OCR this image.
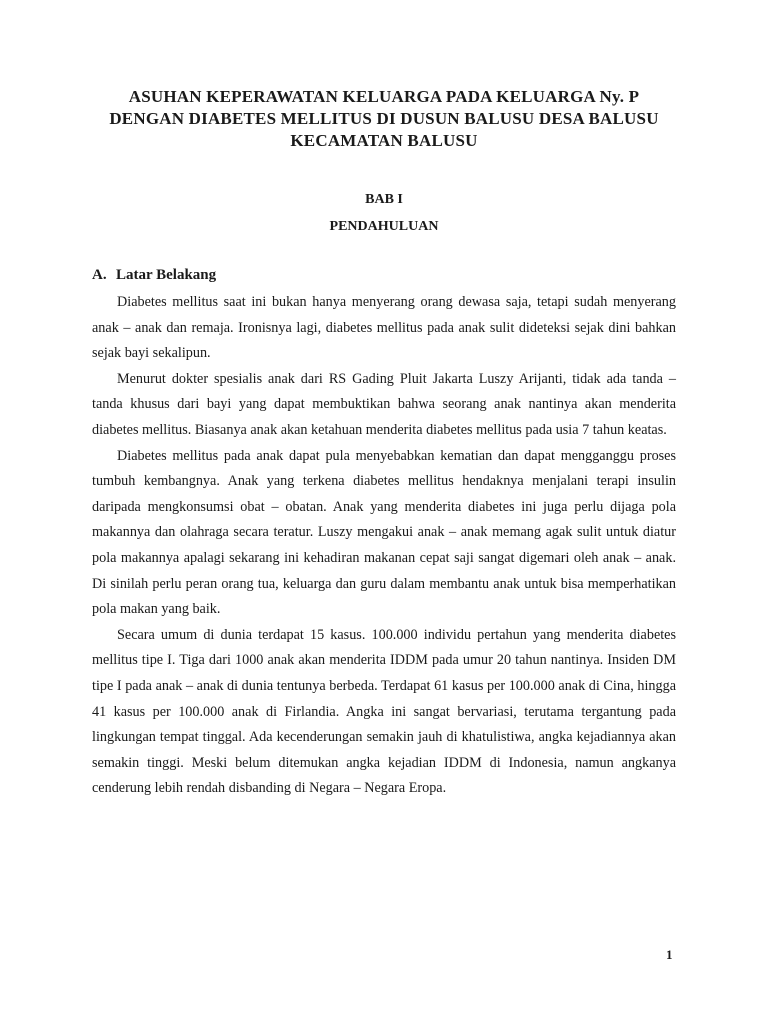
ASUHAN KEPERAWATAN KELUARGA PADA KELUARGA Ny. P
DENGAN DIABETES MELLITUS DI DUSUN BALUSU DESA BALUSU
KECAMATAN BALUSU
BAB I
PENDAHULUAN
A. Latar Belakang

Diabetes mellitus saat ini bukan hanya menyerang orang dewasa saja, tetapi sudah menyerang anak – anak dan remaja. Ironisnya lagi, diabetes mellitus pada anak sulit dideteksi sejak dini bahkan sejak bayi sekalipun.

Menurut dokter spesialis anak dari RS Gading Pluit Jakarta Luszy Arijanti, tidak ada tanda – tanda khusus dari bayi yang dapat membuktikan bahwa seorang anak nantinya akan menderita diabetes mellitus. Biasanya anak akan ketahuan menderita diabetes mellitus pada usia 7 tahun keatas.

Diabetes mellitus pada anak dapat pula menyebabkan kematian dan dapat mengganggu proses tumbuh kembangnya. Anak yang terkena diabetes mellitus hendaknya menjalani terapi insulin daripada mengkonsumsi obat – obatan. Anak yang menderita diabetes ini juga perlu dijaga pola makannya dan olahraga secara teratur. Luszy mengakui anak – anak memang agak sulit untuk diatur pola makannya apalagi sekarang ini kehadiran makanan cepat saji sangat digemari oleh anak – anak. Di sinilah perlu peran orang tua, keluarga dan guru dalam membantu anak untuk bisa memperhatikan pola makan yang baik.

Secara umum di dunia terdapat 15 kasus. 100.000 individu pertahun yang menderita diabetes mellitus tipe I. Tiga dari 1000 anak akan menderita IDDM pada umur 20 tahun nantinya. Insiden DM tipe I pada anak – anak di dunia tentunya berbeda. Terdapat 61 kasus per 100.000 anak di Cina, hingga 41 kasus per 100.000 anak di Firlandia. Angka ini sangat bervariasi, terutama tergantung pada lingkungan tempat tinggal. Ada kecenderungan semakin jauh di khatulistiwa, angka kejadiannya akan semakin tinggi. Meski belum ditemukan angka kejadian IDDM di Indonesia, namun angkanya cenderung lebih rendah disbanding di Negara – Negara Eropa.

1
